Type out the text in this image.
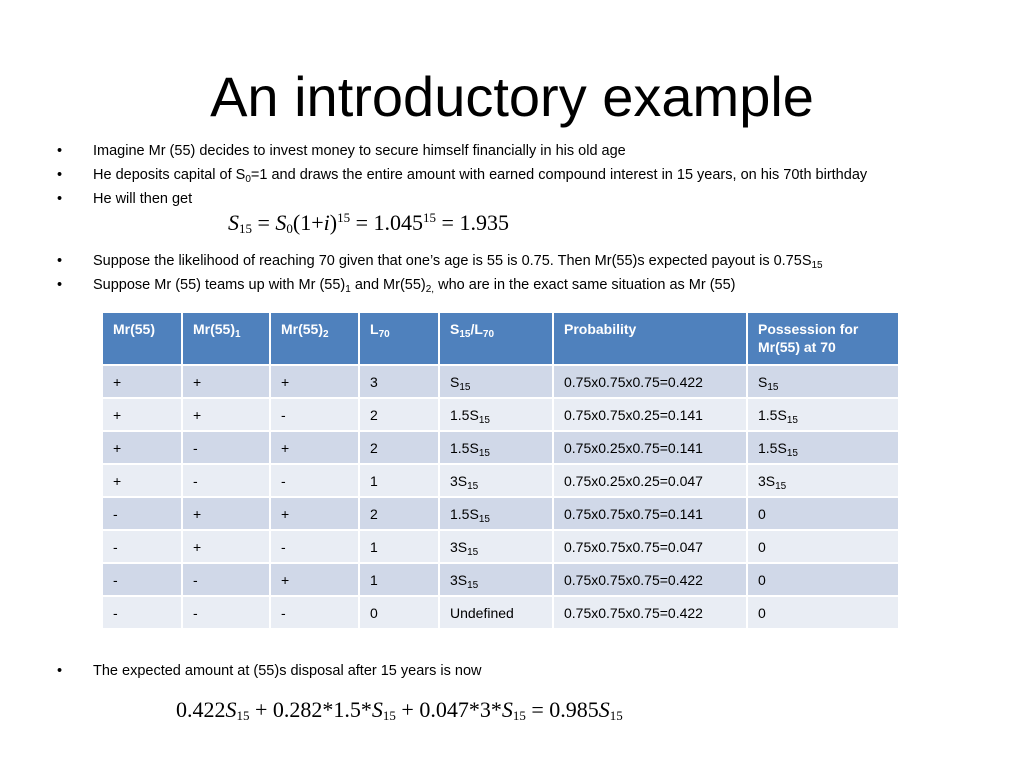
An introductory example
• Imagine Mr (55) decides to invest money to secure himself financially in his old age
• He deposits capital of $S_0=1$ and draws the entire amount with earned compound interest in 15 years, on his 70th birthday
• He will then get
• Suppose the likelihood of reaching 70 given that one’s age is 55 is 0.75. Then Mr(55)s expected payout is $0.75S_{15}$
• Suppose Mr (55) teams up with Mr $(55)_1$ and $Mr(55)_{2,}$ who are in the exact same situation as Mr (55)
• The expected amount at (55)s disposal after 15 years is now
$S_{15} = S_0(1+i)^{15} = 1.045^{15} = 1.935$
Mr(55)	$Mr(55)_1$	$Mr(55)_2$	$L_{70}$	$S_{15}/L_{70}$	Probability	Possession for Mr(55) at 70
+	+	+	3	$S_{15}$	0.75x0.75x0.75=0.422	$S_{15}$
+	+	-	2	$1.5S_{15}$	0.75x0.75x0.25=0.141	$1.5S_{15}$
+	-	+	2	$1.5S_{15}$	0.75x0.25x0.75=0.141	$1.5S_{15}$
+	-	-	1	$3S_{15}$	0.75x0.25x0.25=0.047	$3S_{15}$
-	+	+	2	$1.5S_{15}$	0.75x0.75x0.75=0.141	0
-	+	-	1	$3S_{15}$	0.75x0.75x0.75=0.047	0
-	-	+	1	$3S_{15}$	0.75x0.75x0.75=0.422	0
-	-	-	0	Undefined	0.75x0.75x0.75=0.422	0
$0.422S_{15} + 0.282*1.5*S_{15} + 0.047*3*S_{15} = 0.985S_{15}$
